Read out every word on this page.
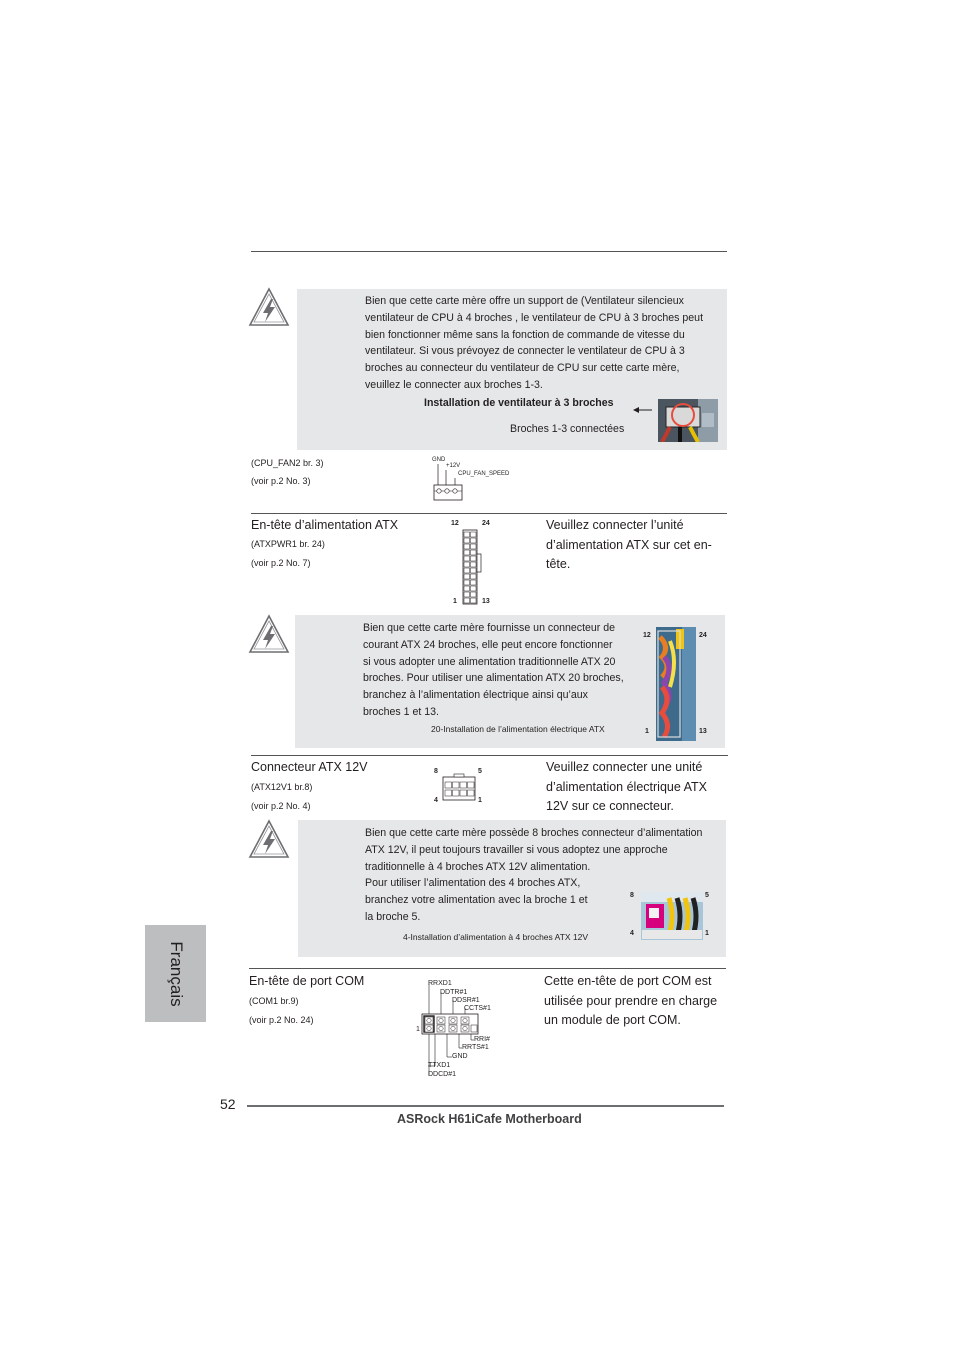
Bien que cette carte mère offre un support de (Ventilateur silencieux

ventilateur de CPU à 4 broches , le ventilateur de CPU à 3 broches peut

bien fonctionner même sans la fonction de commande de vitesse du

ventilateur. Si vous prévoyez de connecter le ventilateur de CPU à 3

broches au connecteur du ventilateur de CPU sur cette carte mère,

veuillez le connecter aux broches 1-3.

Installation de ventilateur à 3 broches
Broches 1-3 connectées
(CPU_FAN2 br. 3)
(voir p.2 No. 3)
GND
+12V
CPU_FAN_SPEED
En-tête d’alimentation ATX
(ATXPWR1 br. 24)
(voir p.2 No. 7)
12	24
1	13
Veuillez connecter l’unité
d’alimentation ATX sur cet en-
tête.

Bien que cette carte mère fournisse un connecteur de

courant ATX 24 broches, elle peut encore fonctionner

si vous adopter une alimentation traditionnelle ATX 20

broches. Pour utiliser une alimentation ATX 20 broches,

branchez à l’alimentation électrique ainsi qu’aux

broches 1 et 13.

20-Installation de l’alimentation électrique ATX
12	24
1	13
Connecteur ATX 12V
(ATX12V1 br.8)
(voir p.2 No. 4)
8	5
4	1
Veuillez connecter une unité
d’alimentation électrique ATX
12V sur ce connecteur.

Bien que cette carte mère possède 8 broches connecteur d’alimentation

ATX 12V, il peut toujours travailler si vous adoptez une approche

traditionnelle à 4 broches ATX 12V alimentation.

Pour utiliser l’alimentation des 4 broches ATX,

branchez votre alimentation avec la broche 1 et

la broche 5.

4-Installation d’alimentation à 4 broches ATX 12V
8	5
4	1
En-tête de port COM
(COM1 br.9)
(voir p.2 No. 24)
RRXD1
DDTR#1
DDSR#1
CCTS#1
1
RRI#
RRTS#1
GND
TTXD1
DDCD#1
Cette en-tête de port COM est
utilisée pour prendre en charge
un module de port COM.
Français
52
ASRock H61iCafe Motherboard
